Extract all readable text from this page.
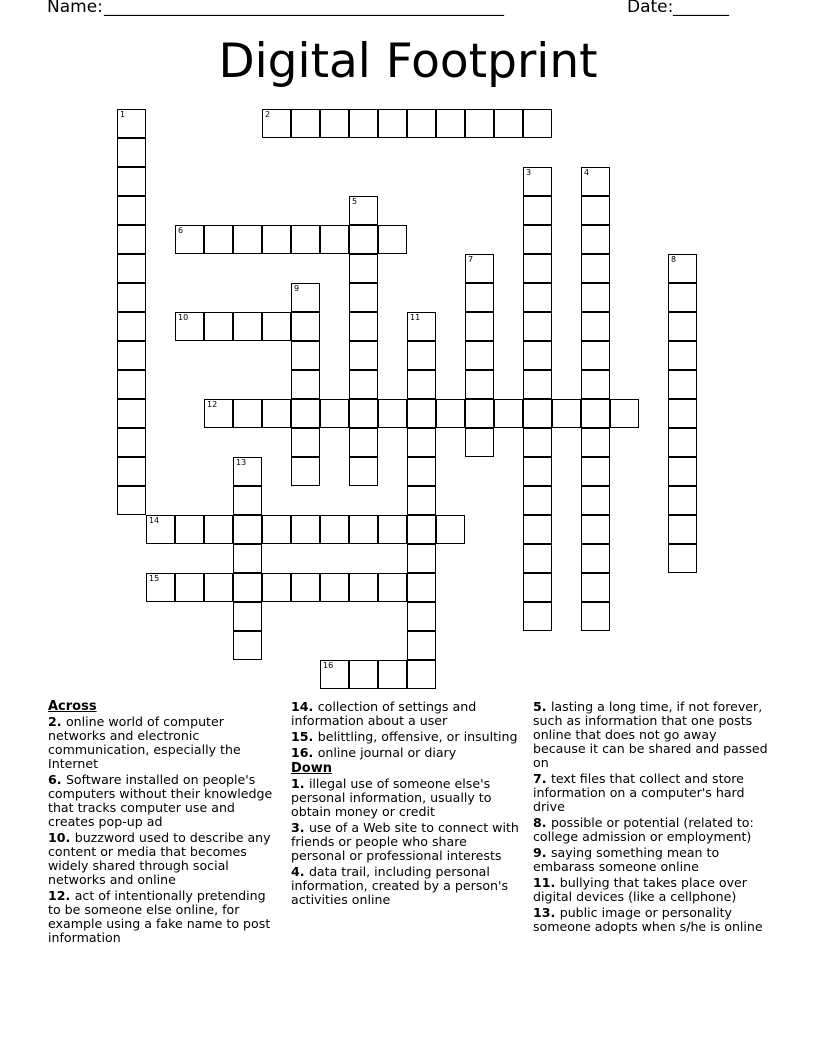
Name:
__________________________________________________	Date:
_______
Digital Footprint
1	2
3	4
5
6
7	8
9
10	11
12
13
14
15
16
Across
2. online world of computer networks and electronic communication, especially the Internet
6. Software installed on people's computers without their knowledge that tracks computer use and creates pop-up ad
10. buzzword used to describe any content or media that becomes widely shared through social networks and online
12. act of intentionally pretending to be someone else online, for example using a fake name to post information
14. collection of settings and information about a user
15. belittling, offensive, or insulting
16. online journal or diary
Down
1. illegal use of someone else's personal information, usually to obtain money or credit
3. use of a Web site to connect with friends or people who share personal or professional interests
4. data trail, including personal information, created by a person's activities online
5. lasting a long time, if not forever, such as information that one posts online that does not go away because it can be shared and passed on
7. text files that collect and store information on a computer's hard drive
8. possible or potential (related to: college admission or employment)
9. saying something mean to embarass someone online
11. bullying that takes place over digital devices (like a cellphone)
13. public image or personality someone adopts when s/he is online
